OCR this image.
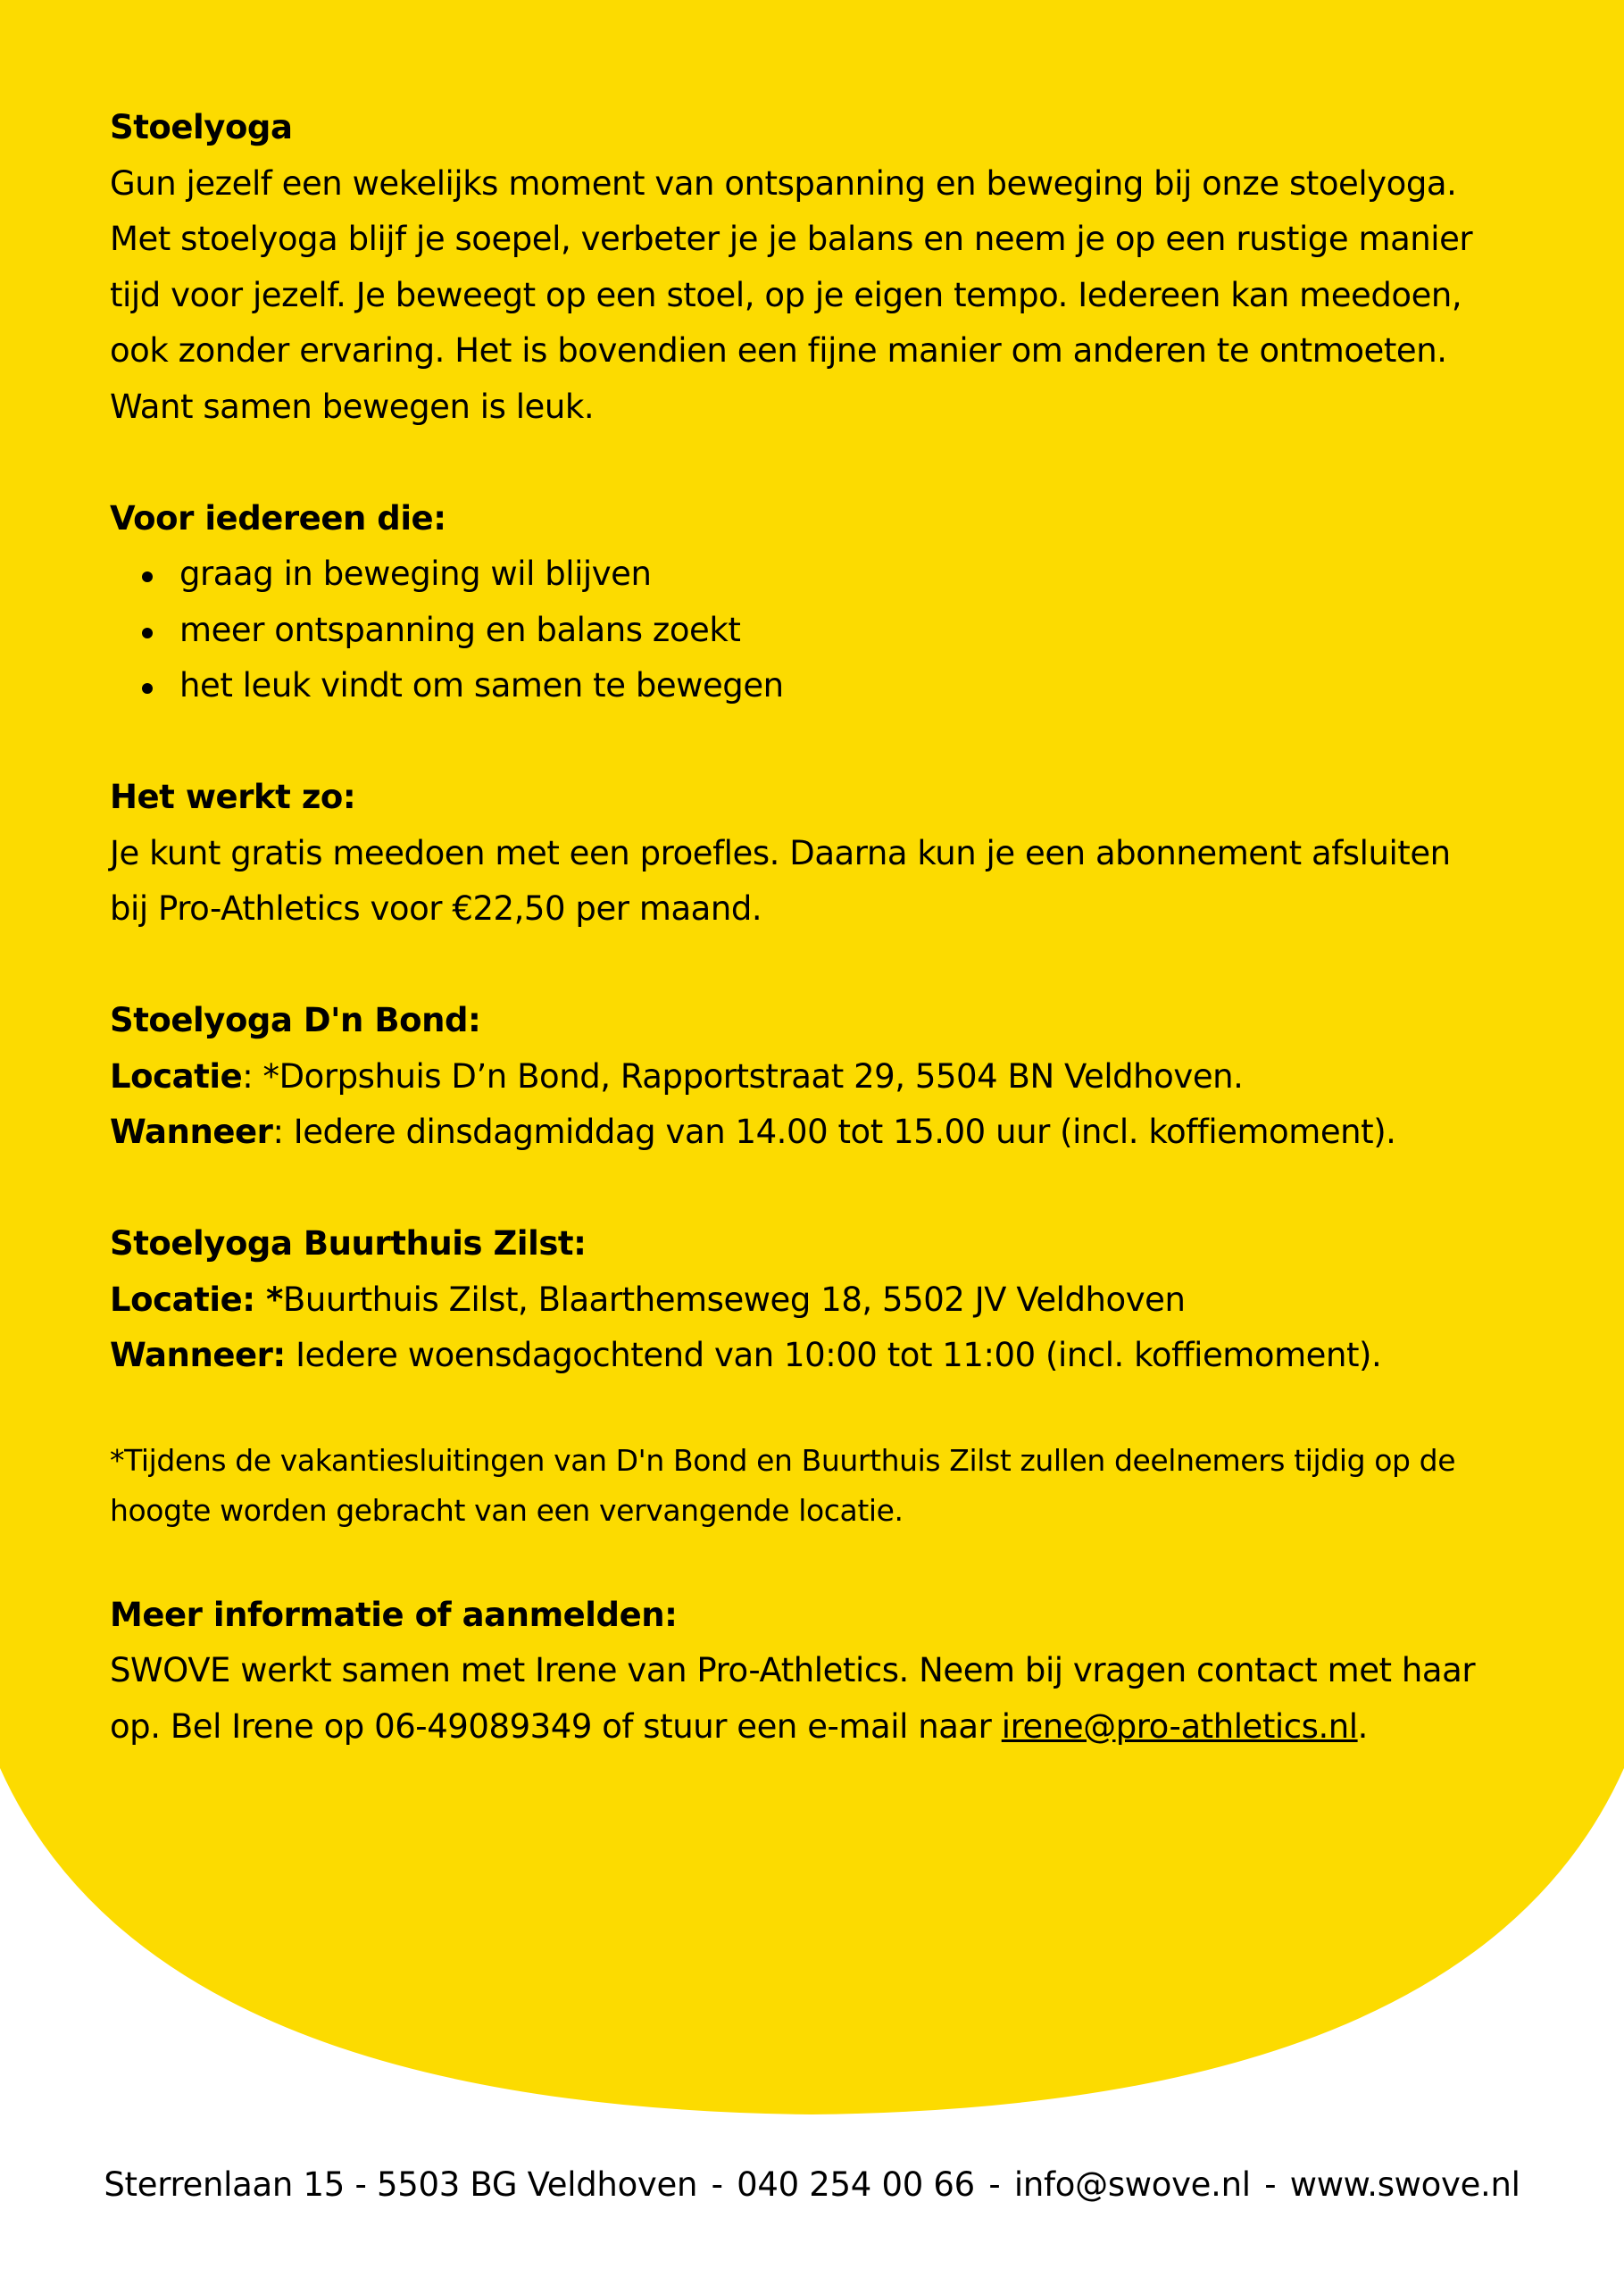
Stoelyoga

Gun jezelf een wekelijks moment van ontspanning en beweging bij onze stoelyoga.

Met stoelyoga blijf je soepel, verbeter je je balans en neem je op een rustige manier

tijd voor jezelf. Je beweegt op een stoel, op je eigen tempo. Iedereen kan meedoen,

ook zonder ervaring. Het is bovendien een fijne manier om anderen te ontmoeten.

Want samen bewegen is leuk.

Voor iedereen die:

graag in beweging wil blijven
meer ontspanning en balans zoekt
het leuk vindt om samen te bewegen

Het werkt zo:

Je kunt gratis meedoen met een proefles. Daarna kun je een abonnement afsluiten

bij Pro-Athletics voor €22,50 per maand.

Stoelyoga D'n Bond:

Locatie: *Dorpshuis D’n Bond, Rapportstraat 29, 5504 BN Veldhoven.

Wanneer: Iedere dinsdagmiddag van 14.00 tot 15.00 uur (incl. koffiemoment).

Stoelyoga Buurthuis Zilst:

Locatie: *Buurthuis Zilst, Blaarthemseweg 18, 5502 JV Veldhoven

Wanneer: Iedere woensdagochtend van 10:00 tot 11:00 (incl. koffiemoment).

*Tijdens de vakantiesluitingen van D'n Bond en Buurthuis Zilst zullen deelnemers tijdig op de

hoogte worden gebracht van een vervangende locatie.

Meer informatie of aanmelden:

SWOVE werkt samen met Irene van Pro-Athletics. Neem bij vragen contact met haar

op. Bel Irene op 06-49089349 of stuur een e-mail naar irene@pro-athletics.nl.

Sterrenlaan 15 - 5503 BG Veldhoven - 040 254 00 66 - info@swove.nl - www.swove.nl
